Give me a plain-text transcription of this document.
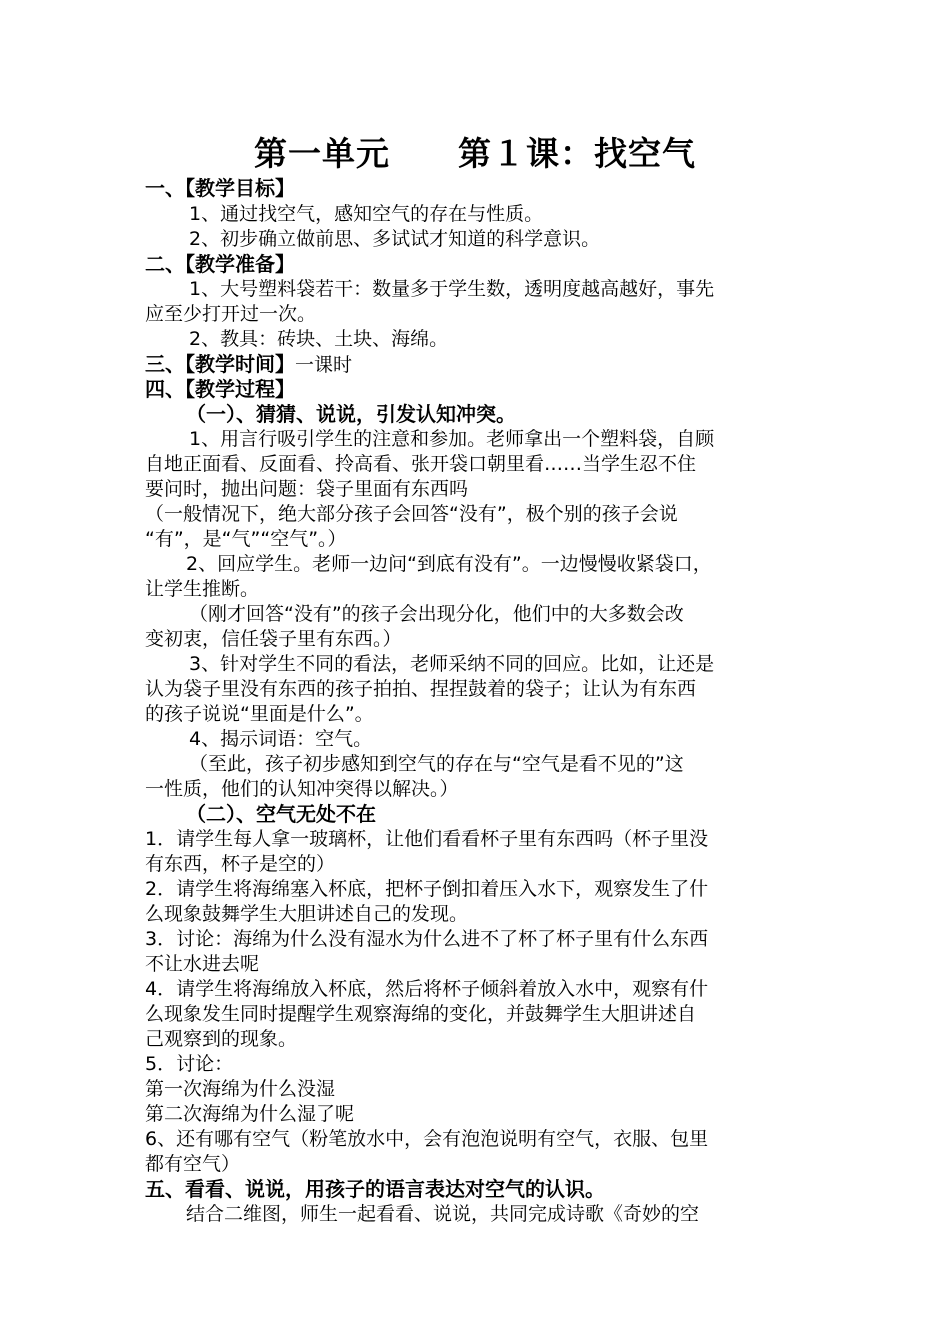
第一单元　　第１课：找空气
一、【教学目标】
1、通过找空气，感知空气的存在与性质。
2、初步确立做前思、多试试才知道的科学意识。
二、【教学准备】
1、大号塑料袋若干：数量多于学生数，透明度越高越好，事先
应至少打开过一次。
2、教具：砖块、土块、海绵。
三、【教学时间】一课时
四、【教学过程】
（一）、猜猜、说说，引发认知冲突。
1、用言行吸引学生的注意和参加。老师拿出一个塑料袋，自顾
自地正面看、反面看、拎高看、张开袋口朝里看……当学生忍不住
要问时，抛出问题：袋子里面有东西吗
（一般情况下，绝大部分孩子会回答“没有”，极个别的孩子会说
“有”，是“气”“空气”。）
2、回应学生。老师一边问“到底有没有”。一边慢慢收紧袋口，
让学生推断。
（刚才回答“没有”的孩子会出现分化，他们中的大多数会改
变初衷，信任袋子里有东西。）
3、针对学生不同的看法，老师采纳不同的回应。比如，让还是
认为袋子里没有东西的孩子拍拍、捏捏鼓着的袋子；让认为有东西
的孩子说说“里面是什么”。
4、揭示词语：空气。
（至此，孩子初步感知到空气的存在与“空气是看不见的”这
一性质，他们的认知冲突得以解决。）
（二）、空气无处不在
1．请学生每人拿一玻璃杯，让他们看看杯子里有东西吗（杯子里没
有东西，杯子是空的）
2．请学生将海绵塞入杯底，把杯子倒扣着压入水下，观察发生了什
么现象鼓舞学生大胆讲述自己的发现。
3．讨论：海绵为什么没有湿水为什么进不了杯了杯子里有什么东西
不让水进去呢
4．请学生将海绵放入杯底，然后将杯子倾斜着放入水中，观察有什
么现象发生同时提醒学生观察海绵的变化，并鼓舞学生大胆讲述自
己观察到的现象。
5．讨论：
第一次海绵为什么没湿
第二次海绵为什么湿了呢
6、还有哪有空气（粉笔放水中，会有泡泡说明有空气，衣服、包里
都有空气）
五、看看、说说，用孩子的语言表达对空气的认识。
结合二维图，师生一起看看、说说，共同完成诗歌《奇妙的空
